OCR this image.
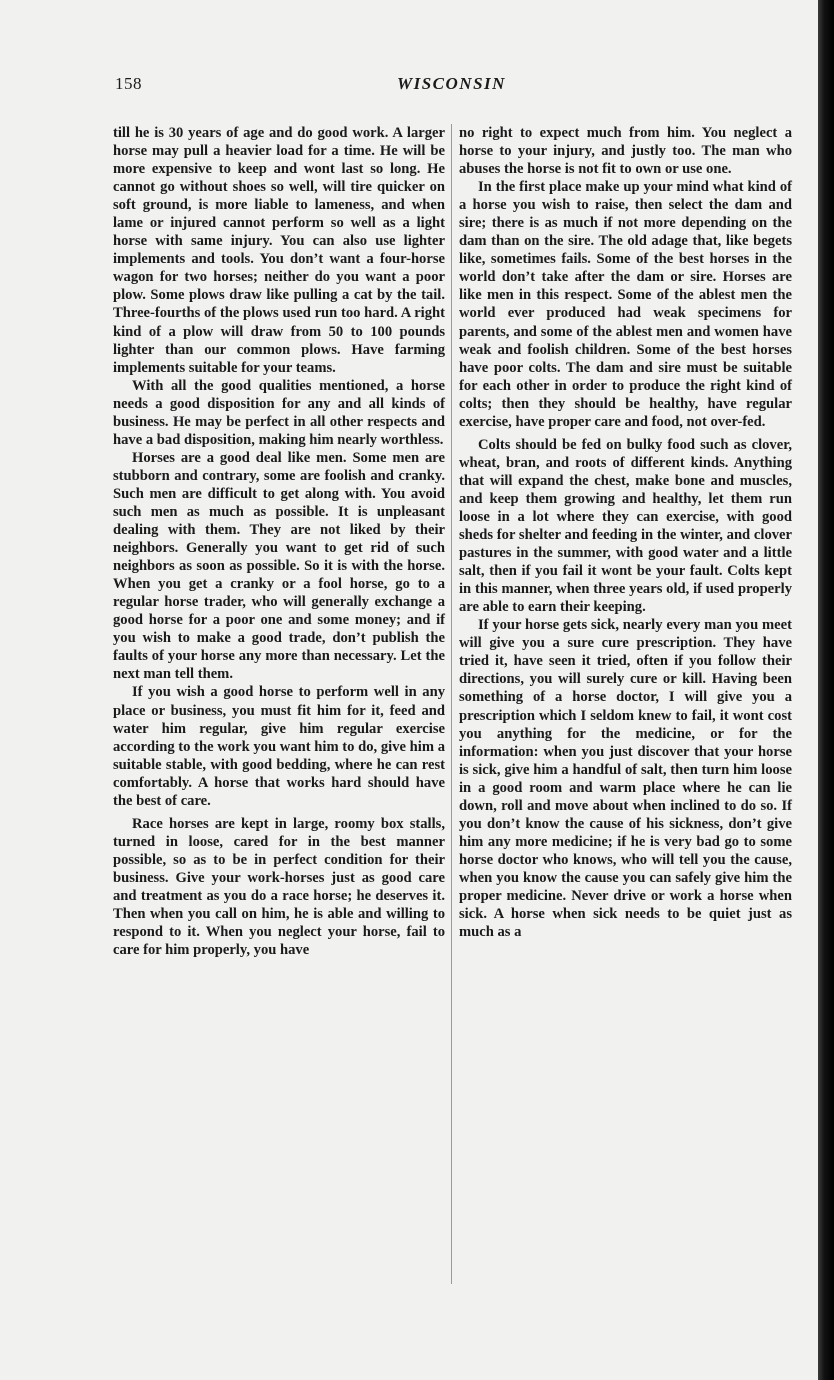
158	WISCONSIN

till he is 30 years of age and do good work. A larger horse may pull a heavier load for a time. He will be more expensive to keep and wont last so long. He cannot go without shoes so well, will tire quicker on soft ground, is more liable to lameness, and when lame or injured cannot perform so well as a light horse with same injury. You can also use lighter implements and tools. You don’t want a four-horse wagon for two horses; neither do you want a poor plow. Some plows draw like pulling a cat by the tail. Three-fourths of the plows used run too hard. A right kind of a plow will draw from 50 to 100 pounds lighter than our common plows. Have farming implements suitable for your teams.

With all the good qualities mentioned, a horse needs a good disposition for any and all kinds of business. He may be perfect in all other respects and have a bad disposition, making him nearly worthless.

Horses are a good deal like men. Some men are stubborn and contrary, some are foolish and cranky. Such men are difficult to get along with. You avoid such men as much as possible. It is unpleasant dealing with them. They are not liked by their neighbors. Generally you want to get rid of such neighbors as soon as possible. So it is with the horse. When you get a cranky or a fool horse, go to a regular horse trader, who will generally exchange a good horse for a poor one and some money; and if you wish to make a good trade, don’t publish the faults of your horse any more than necessary. Let the next man tell them.

If you wish a good horse to perform well in any place or business, you must fit him for it, feed and water him regular, give him regular exercise according to the work you want him to do, give him a suitable stable, with good bedding, where he can rest comfortably. A horse that works hard should have the best of care.

Race horses are kept in large, roomy box stalls, turned in loose, cared for in the best manner possible, so as to be in perfect condition for their business. Give your work-horses just as good care and treatment as you do a race horse; he deserves it. Then when you call on him, he is able and willing to respond to it. When you neglect your horse, fail to care for him properly, you have

no right to expect much from him. You neglect a horse to your injury, and justly too. The man who abuses the horse is not fit to own or use one.

In the first place make up your mind what kind of a horse you wish to raise, then select the dam and sire; there is as much if not more depending on the dam than on the sire. The old adage that, like begets like, sometimes fails. Some of the best horses in the world don’t take after the dam or sire. Horses are like men in this respect. Some of the ablest men the world ever produced had weak specimens for parents, and some of the ablest men and women have weak and foolish children. Some of the best horses have poor colts. The dam and sire must be suitable for each other in order to produce the right kind of colts; then they should be healthy, have regular exercise, have proper care and food, not over-fed.

Colts should be fed on bulky food such as clover, wheat, bran, and roots of different kinds. Anything that will expand the chest, make bone and muscles, and keep them growing and healthy, let them run loose in a lot where they can exercise, with good sheds for shelter and feeding in the winter, and clover pastures in the summer, with good water and a little salt, then if you fail it wont be your fault. Colts kept in this manner, when three years old, if used properly are able to earn their keeping.

If your horse gets sick, nearly every man you meet will give you a sure cure prescription. They have tried it, have seen it tried, often if you follow their directions, you will surely cure or kill. Having been something of a horse doctor, I will give you a prescription which I seldom knew to fail, it wont cost you anything for the medicine, or for the information: when you just discover that your horse is sick, give him a handful of salt, then turn him loose in a good room and warm place where he can lie down, roll and move about when inclined to do so. If you don’t know the cause of his sickness, don’t give him any more medicine; if he is very bad go to some horse doctor who knows, who will tell you the cause, when you know the cause you can safely give him the proper medicine. Never drive or work a horse when sick. A horse when sick needs to be quiet just as much as a
